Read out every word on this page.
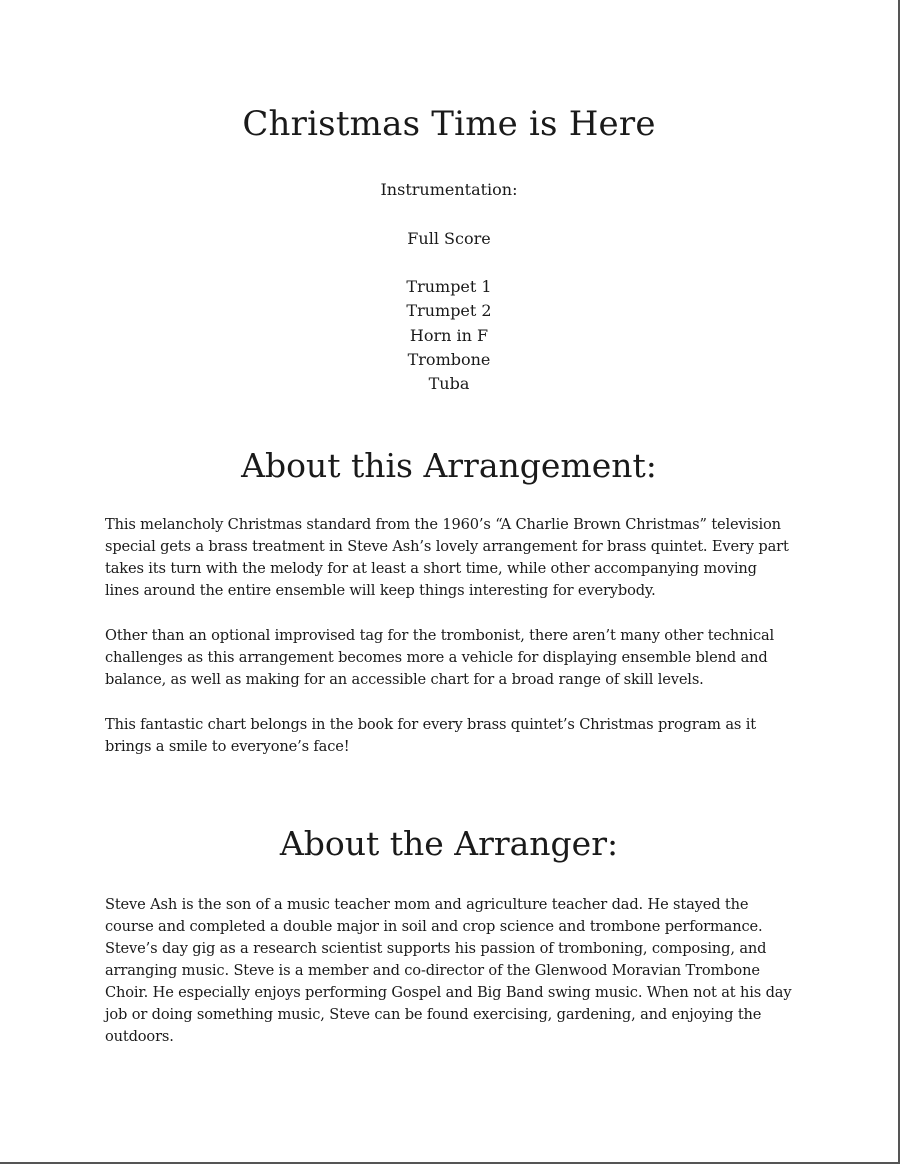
Christmas Time is Here

Instrumentation:

Full Score

Trumpet 1
Trumpet 2
Horn in F
Trombone
Tuba
About this Arrangement:

This melancholy Christmas standard from the 1960’s “A Charlie Brown Christmas” television special gets a brass treatment in Steve Ash’s lovely arrangement for brass quintet. Every part takes its turn with the melody for at least a short time, while other accompanying moving lines around the entire ensemble will keep things interesting for everybody.

Other than an optional improvised tag for the trombonist, there aren’t many other technical challenges as this arrangement becomes more a vehicle for displaying ensemble blend and balance, as well as making for an accessible chart for a broad range of skill levels.

This fantastic chart belongs in the book for every brass quintet’s Christmas program as it brings a smile to everyone’s face!

About the Arranger:

Steve Ash is the son of a music teacher mom and agriculture teacher dad. He stayed the course and completed a double major in soil and crop science and trombone performance. Steve’s day gig as a research scientist supports his passion of tromboning, composing, and arranging music. Steve is a member and co-director of the Glenwood Moravian Trombone Choir. He especially enjoys performing Gospel and Big Band swing music. When not at his day job or doing something music, Steve can be found exercising, gardening, and enjoying the outdoors.
